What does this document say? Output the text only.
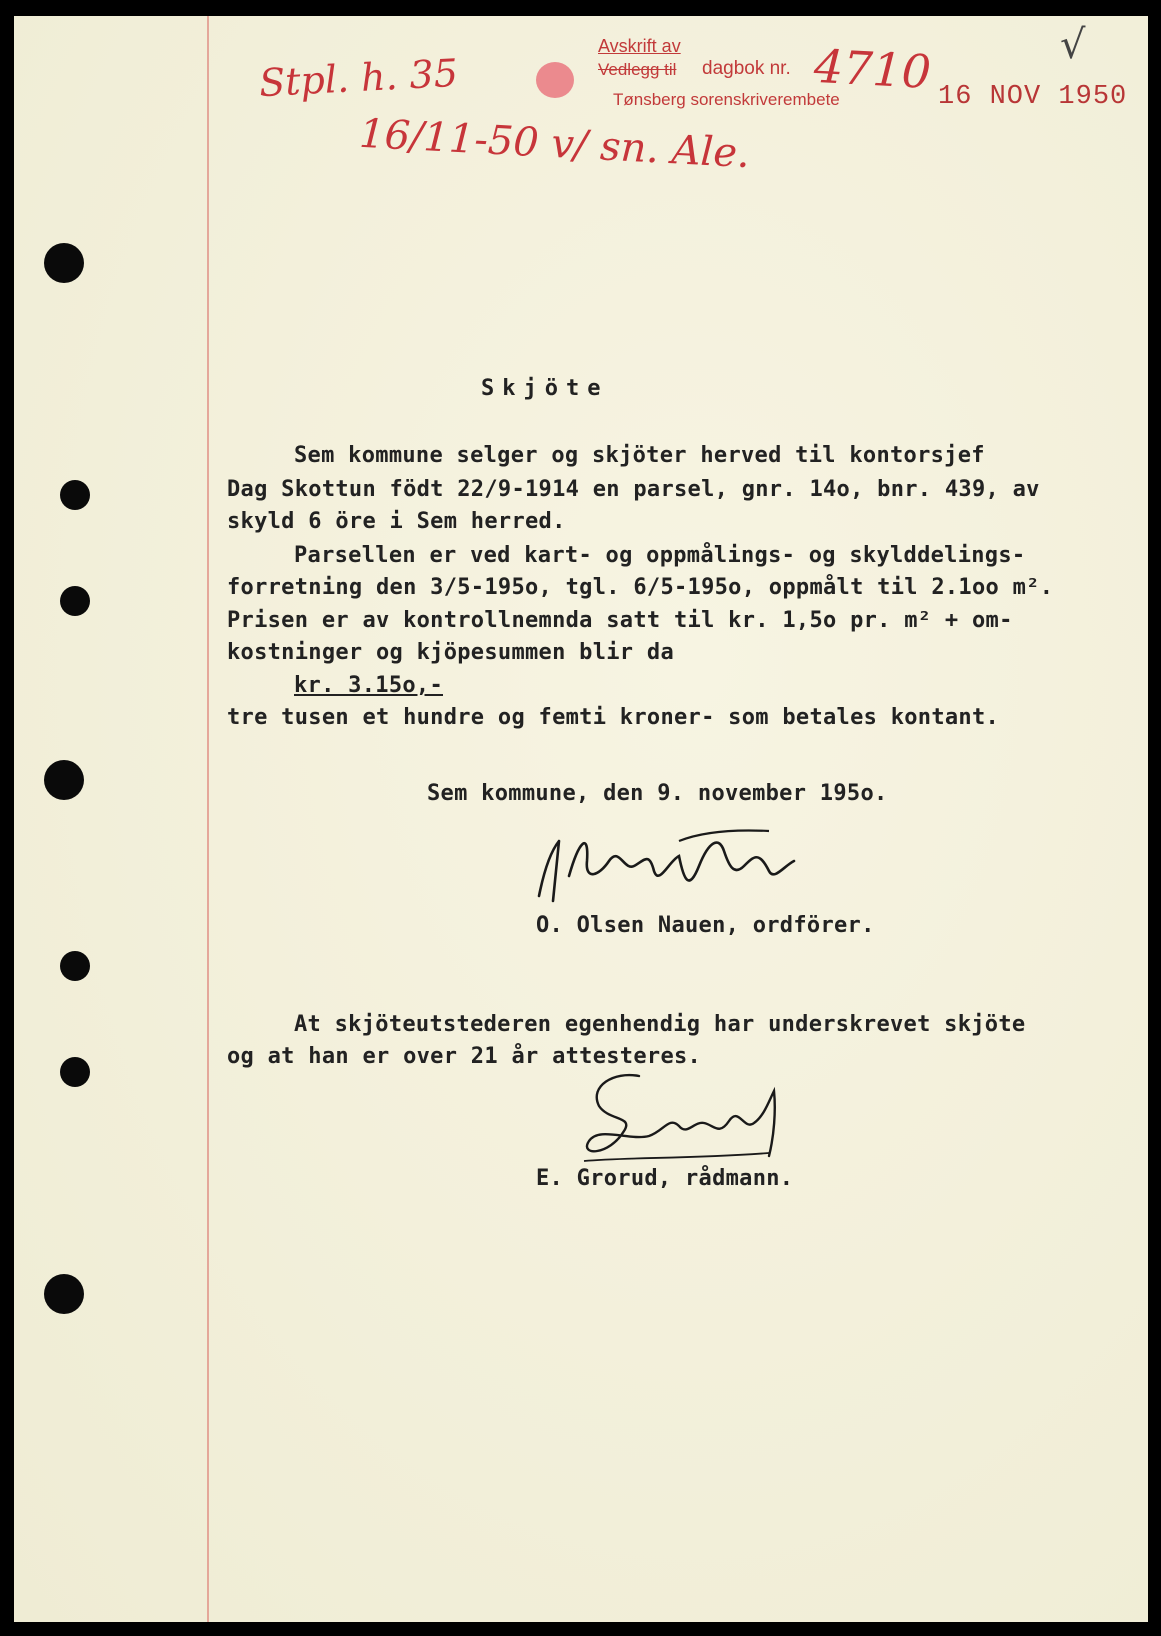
Stpl. h. 35
Avskrift av
Vedlegg til dagbok nr.
Tønsberg sorenskriverembete
4710 16 NOV 1950
√
16/11-50 v/ sn. Ale.
Skjöte
Sem kommune selger og skjöter herved til kontorsjef
Dag Skottun födt 22/9-1914 en parsel, gnr. 14o, bnr. 439, av
skyld 6 öre i Sem herred.
Parsellen er ved kart- og oppmålings- og skylddelings-
forretning den 3/5-195o, tgl. 6/5-195o, oppmålt til 2.1oo m².
Prisen er av kontrollnemnda satt til kr. 1,5o pr. m² + om-
kostninger og kjöpesummen blir da
kr. 3.15o,-
tre tusen et hundre og femti kroner- som betales kontant.
Sem kommune, den 9. november 195o.
O. Olsen Nauen, ordförer.
At skjöteutstederen egenhendig har underskrevet skjöte
og at han er over 21 år attesteres.
E. Grorud, rådmann.
